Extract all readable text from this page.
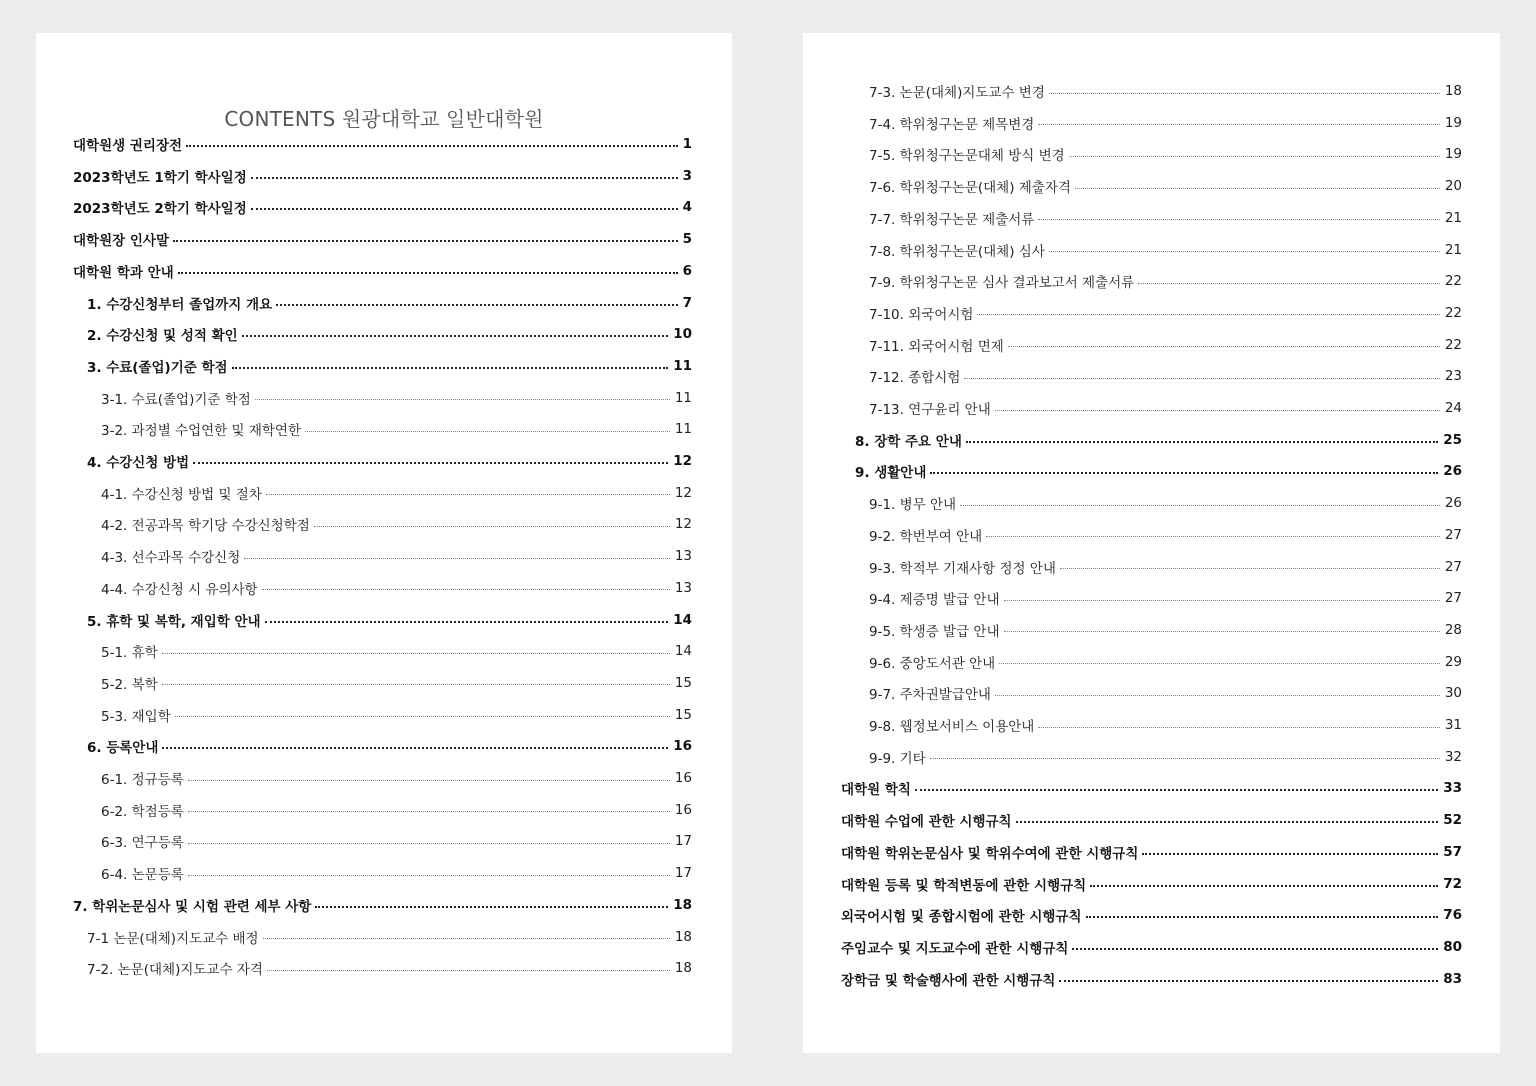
CONTENTS 원광대학교 일반대학원
대학원생 권리장전	1
2023학년도 1학기 학사일정	3
2023학년도 2학기 학사일정	4
대학원장 인사말	5
대학원 학과 안내	6
1. 수강신청부터 졸업까지 개요	7
2. 수강신청 및 성적 확인	10
3. 수료(졸업)기준 학점	11
3-1. 수료(졸업)기준 학점	11
3-2. 과정별 수업연한 및 재학연한	11
4. 수강신청 방법	12
4-1. 수강신청 방법 및 절차	12
4-2. 전공과목 학기당 수강신청학점	12
4-3. 선수과목 수강신청	13
4-4. 수강신청 시 유의사항	13
5. 휴학 및 복학, 재입학 안내	14
5-1. 휴학	14
5-2. 복학	15
5-3. 재입학	15
6. 등록안내	16
6-1. 정규등록	16
6-2. 학점등록	16
6-3. 연구등록	17
6-4. 논문등록	17
7. 학위논문심사 및 시험 관련 세부 사항	18
7-1 논문(대체)지도교수 배정	18
7-2. 논문(대체)지도교수 자격	18
7-3. 논문(대체)지도교수 변경	18
7-4. 학위청구논문 제목변경	19
7-5. 학위청구논문대체 방식 변경	19
7-6. 학위청구논문(대체) 제출자격	20
7-7. 학위청구논문 제출서류	21
7-8. 학위청구논문(대체) 심사	21
7-9. 학위청구논문 심사 결과보고서 제출서류	22
7-10. 외국어시험	22
7-11. 외국어시험 면제	22
7-12. 종합시험	23
7-13. 연구윤리 안내	24
8. 장학 주요 안내	25
9. 생활안내	26
9-1. 병무 안내	26
9-2. 학번부여 안내	27
9-3. 학적부 기재사항 정정 안내	27
9-4. 제증명 발급 안내	27
9-5. 학생증 발급 안내	28
9-6. 중앙도서관 안내	29
9-7. 주차권발급안내	30
9-8. 웹정보서비스 이용안내	31
9-9. 기타	32
대학원 학칙	33
대학원 수업에 관한 시행규칙	52
대학원 학위논문심사 및 학위수여에 관한 시행규칙	57
대학원 등록 및 학적변동에 관한 시행규칙	72
외국어시험 및 종합시험에 관한 시행규칙	76
주임교수 및 지도교수에 관한 시행규칙	80
장학금 및 학술행사에 관한 시행규칙	83
